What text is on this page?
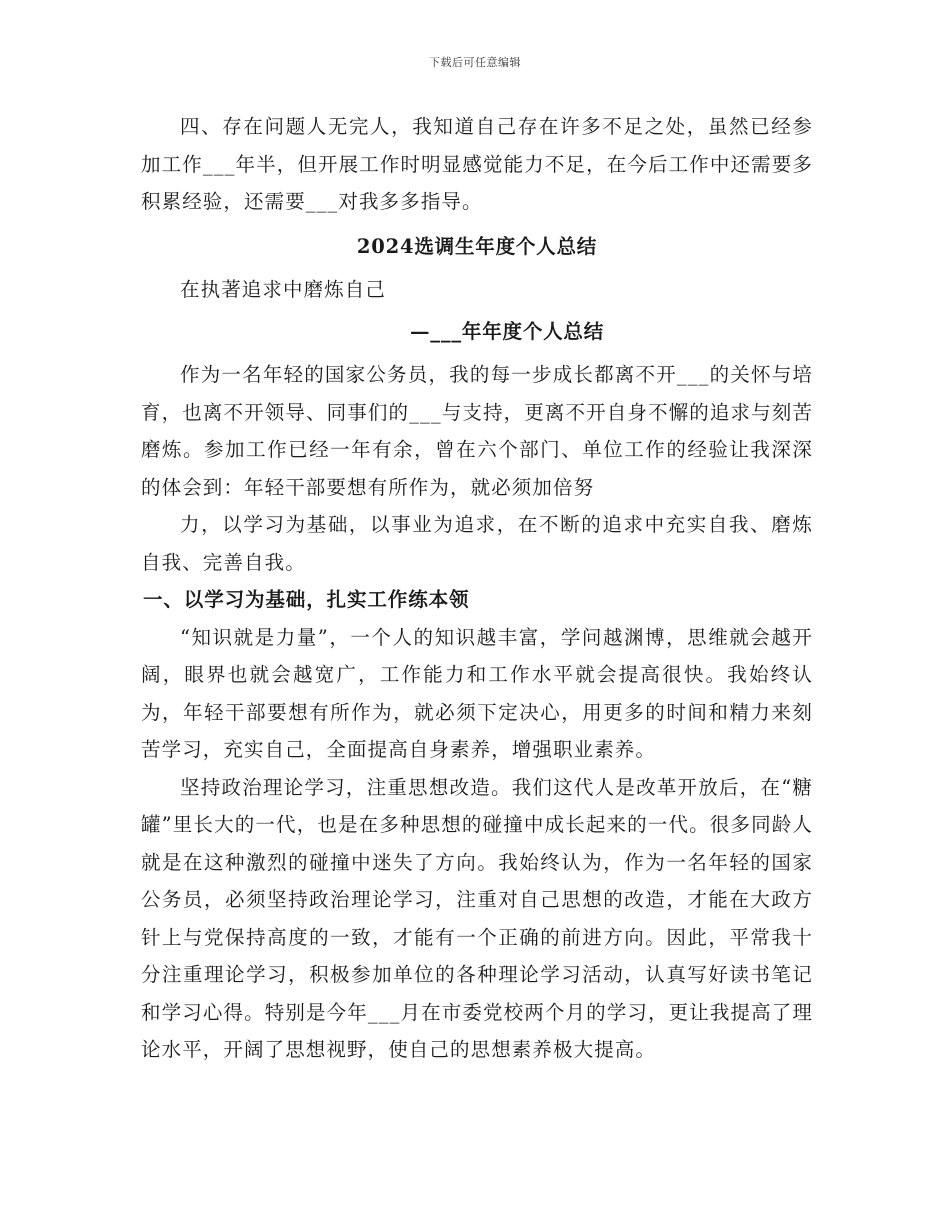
下载后可任意编辑

四、存在问题人无完人，我知道自己存在许多不足之处，虽然已经参加工作___年半，但开展工作时明显感觉能力不足，在今后工作中还需要多积累经验，还需要___对我多多指导。

2024选调生年度个人总结

在执著追求中磨炼自己

—___年年度个人总结

作为一名年轻的国家公务员，我的每一步成长都离不开___的关怀与培育，也离不开领导、同事们的___与支持，更离不开自身不懈的追求与刻苦磨炼。参加工作已经一年有余，曾在六个部门、单位工作的经验让我深深的体会到：年轻干部要想有所作为，就必须加倍努

力，以学习为基础，以事业为追求，在不断的追求中充实自我、磨炼自我、完善自我。

一、以学习为基础，扎实工作练本领

“知识就是力量”，一个人的知识越丰富，学问越渊博，思维就会越开阔，眼界也就会越宽广，工作能力和工作水平就会提高很快。我始终认为，年轻干部要想有所作为，就必须下定决心，用更多的时间和精力来刻苦学习，充实自己，全面提高自身素养，增强职业素养。

坚持政治理论学习，注重思想改造。我们这代人是改革开放后，在“糖罐”里长大的一代，也是在多种思想的碰撞中成长起来的一代。很多同龄人就是在这种激烈的碰撞中迷失了方向。我始终认为，作为一名年轻的国家公务员，必须坚持政治理论学习，注重对自己思想的改造，才能在大政方针上与党保持高度的一致，才能有一个正确的前进方向。因此，平常我十分注重理论学习，积极参加单位的各种理论学习活动，认真写好读书笔记和学习心得。特别是今年___月在市委党校两个月的学习，更让我提高了理论水平，开阔了思想视野，使自己的思想素养极大提高。
